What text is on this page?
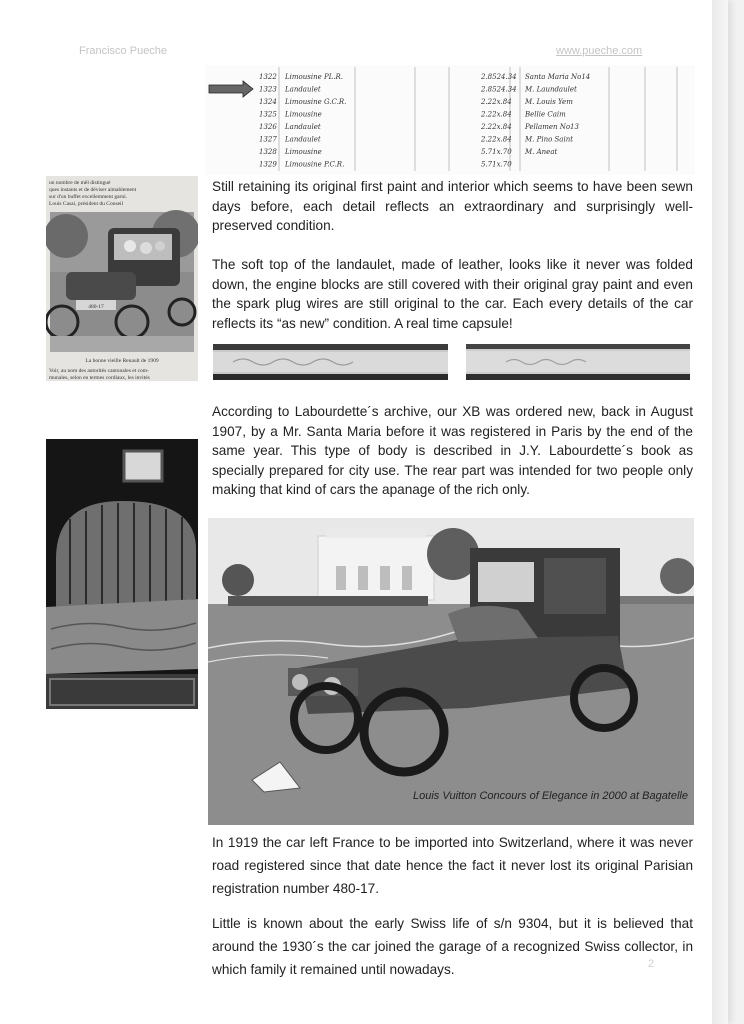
Francisco Pueche	www.pueche.com
1322 Limousine PL.R.	2.8524.34 Santa Maria No14
1323 Landaulet	2.8524.34 M. Laundaulet
1324 Limousine G.C.R.	2.22x.84 M. Louis Yem
1325 Limousine	2.22x.84 Bellie Caim
1326 Landaulet	2.22x.84 Pellamen No13
1327 Landaulet	2.22x.84 M. Pino Saint
1328 Limousine	5.71x.70 M. Aneat
1329 Limousine P.C.R.	5.71x.70
un nombre de mêl distingué
ques instants et de déviser aimablement
sur d'un buffet excellemment garni.
Louis Casai, président du Conseil
480-17
La bonne vieille Renault de 1909
Voir, au nom des autorités cantonales et com-
munales, selon en termes cordiaux, les invités

Still retaining its original first paint and interior which seems to have been sewn days before, each detail reflects an extraordinary and surprisingly well-preserved condition.

The soft top of the landaulet, made of leather, looks like it never was folded down, the engine blocks are still covered with their original gray paint and even the spark plug wires are still original to the car. Each every details of the car reflects its “as new” condition. A real time capsule!

According to Labourdette´s archive, our XB was ordered new, back in August 1907, by a Mr. Santa Maria before it was registered in Paris by the end of the same year. This type of body is described in J.Y. Labourdette´s book as specially prepared for city use. The rear part was intended for two people only making that kind of cars the apanage of the rich only.

Louis Vuitton Concours of Elegance in 2000 at Bagatelle

In 1919 the car left France to be imported into Switzerland, where it was never road registered since that date hence the fact it never lost its original Parisian registration number 480-17.

Little is known about the early Swiss life of s/n 9304, but it is believed that around the 1930´s the car joined the garage of a recognized Swiss collector, in which family it remained until nowadays.	2
